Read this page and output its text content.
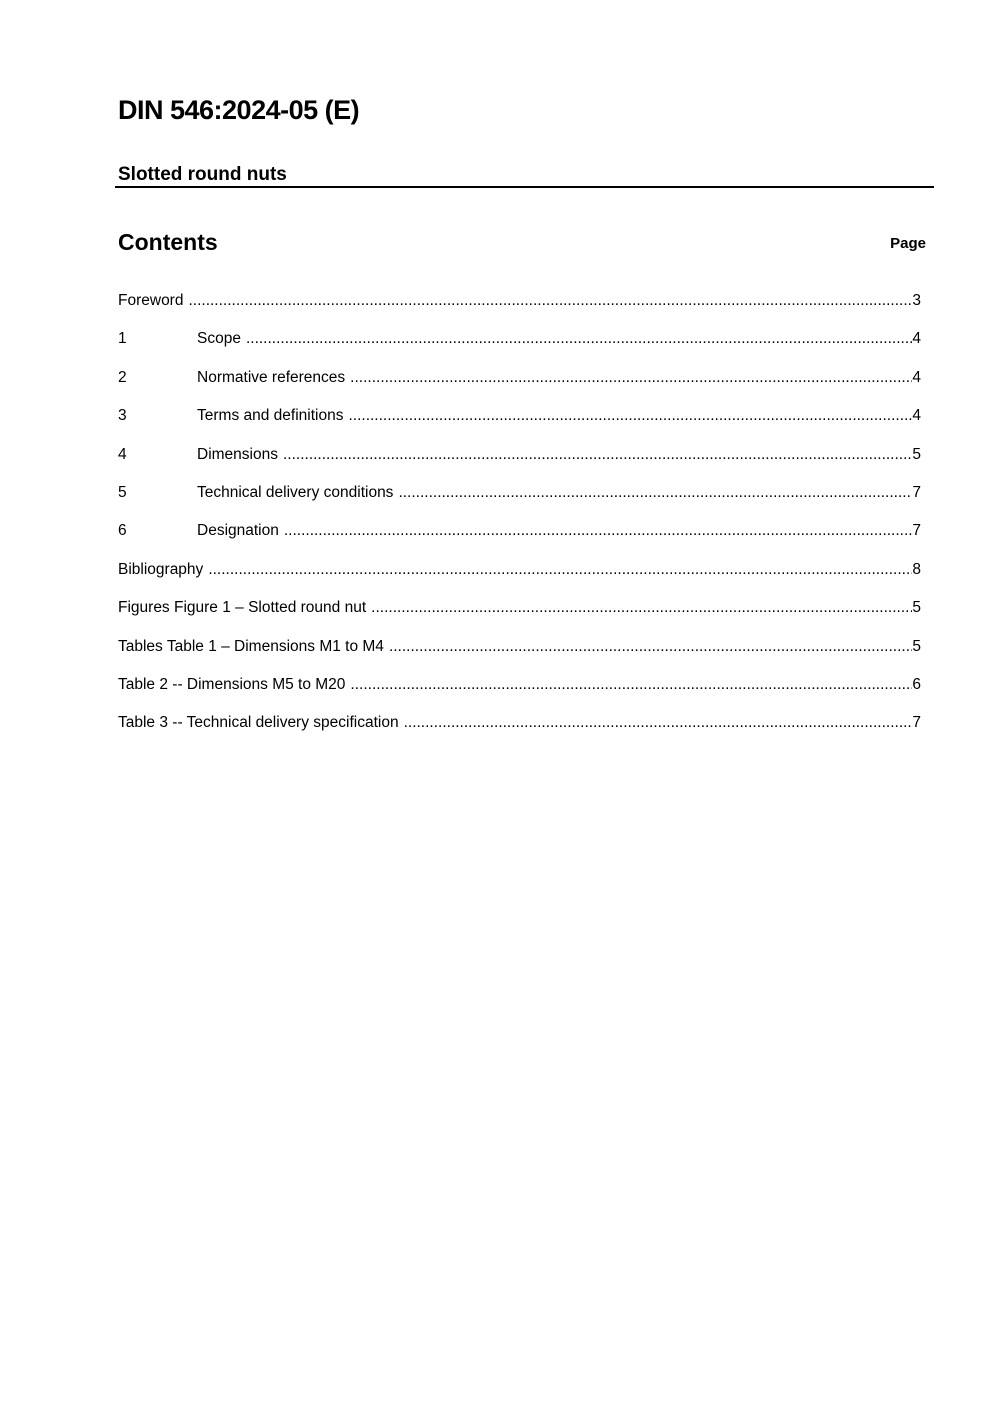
DIN 546:2024-05 (E)
Slotted round nuts
Contents	Page
Foreword .....	3
1	Scope .....	4
2	Normative references .....	4
3	Terms and definitions .....	4
4	Dimensions .....	5
5	Technical delivery conditions .....	7
6	Designation .....	7
Bibliography .....	8
Figures Figure 1 – Slotted round nut .....	5
Tables Table 1 – Dimensions M1 to M4 .....	5
Table 2 -- Dimensions M5 to M20 .....	6
Table 3 -- Technical delivery specification .....	7
